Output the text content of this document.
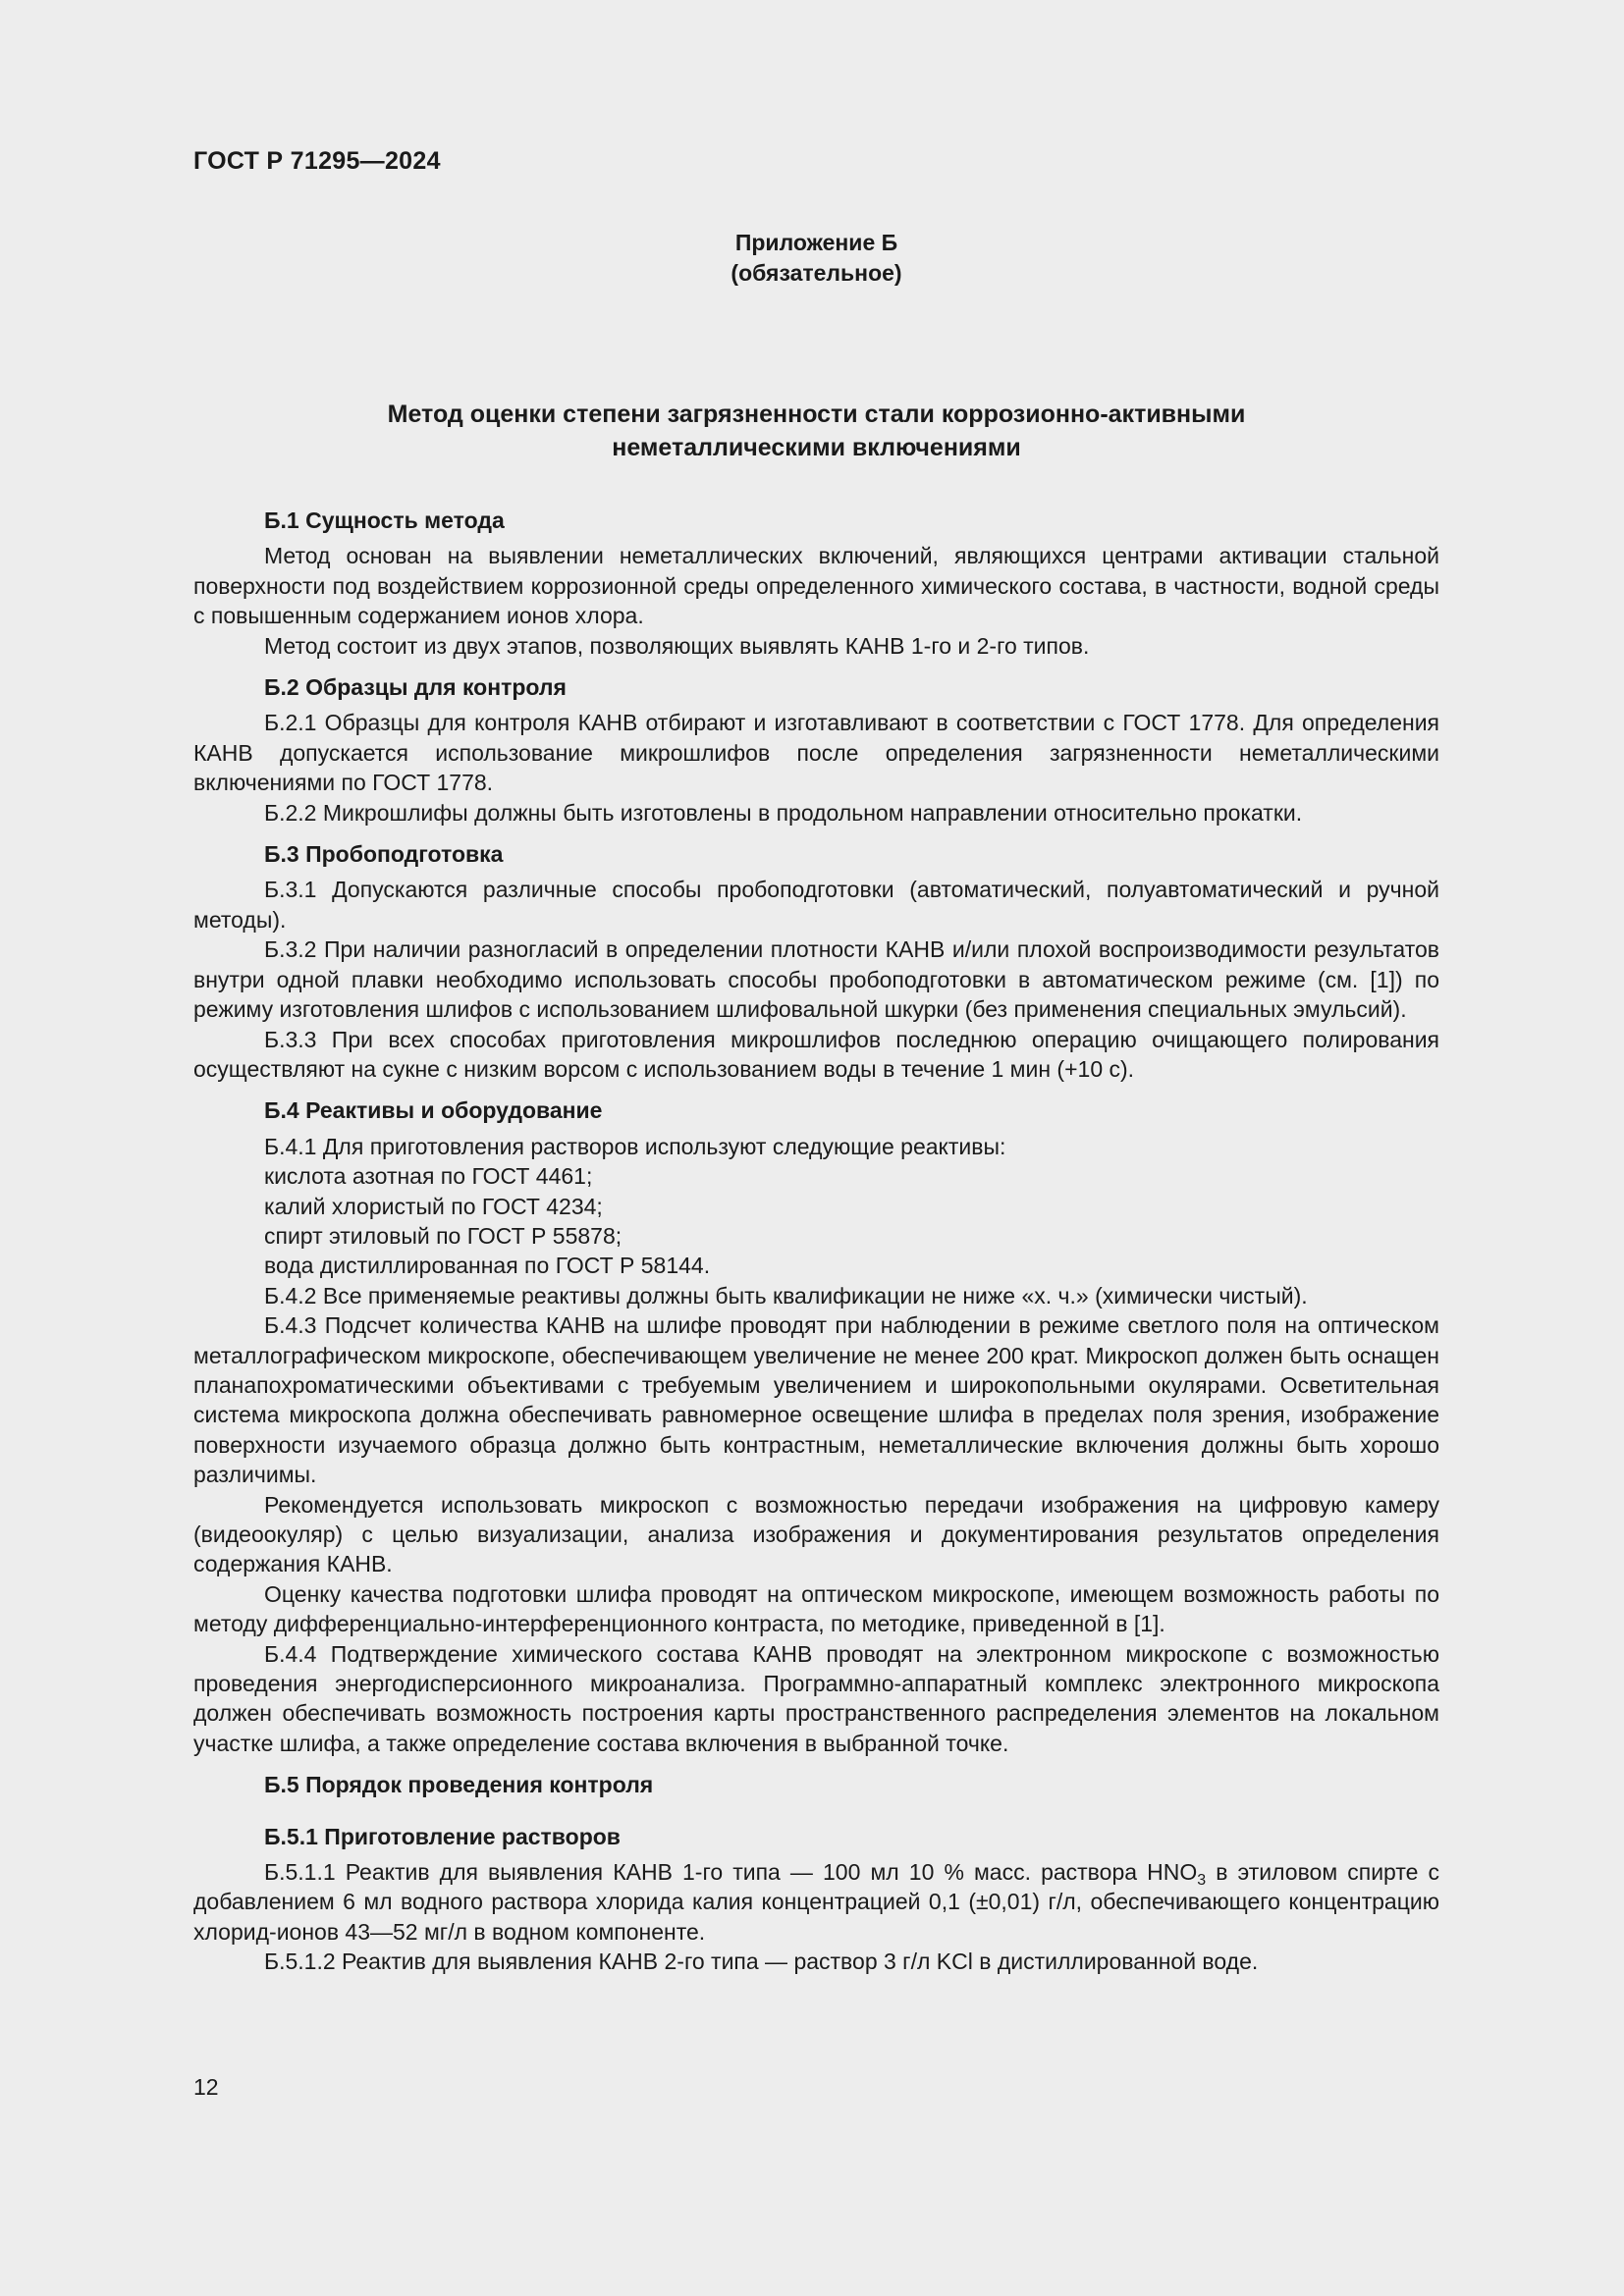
ГОСТ Р 71295—2024
Приложение Б
(обязательное)
Метод оценки степени загрязненности стали коррозионно-активными
неметаллическими включениями
Б.1 Сущность метода

Метод основан на выявлении неметаллических включений, являющихся центрами активации стальной поверхности под воздействием коррозионной среды определенного химического состава, в частности, водной среды с повышенным содержанием ионов хлора.

Метод состоит из двух этапов, позволяющих выявлять КАНВ 1-го и 2-го типов.

Б.2 Образцы для контроля

Б.2.1 Образцы для контроля КАНВ отбирают и изготавливают в соответствии с ГОСТ 1778. Для определения КАНВ допускается использование микрошлифов после определения загрязненности неметаллическими включениями по ГОСТ 1778.

Б.2.2 Микрошлифы должны быть изготовлены в продольном направлении относительно прокатки.

Б.3 Пробоподготовка

Б.3.1 Допускаются различные способы пробоподготовки (автоматический, полуавтоматический и ручной методы).

Б.3.2 При наличии разногласий в определении плотности КАНВ и/или плохой воспроизводимости результатов внутри одной плавки необходимо использовать способы пробоподготовки в автоматическом режиме (см. [1]) по режиму изготовления шлифов с использованием шлифовальной шкурки (без применения специальных эмульсий).

Б.3.3 При всех способах приготовления микрошлифов последнюю операцию очищающего полирования осуществляют на сукне с низким ворсом с использованием воды в течение 1 мин (+10 с).

Б.4 Реактивы и оборудование

Б.4.1 Для приготовления растворов используют следующие реактивы:

кислота азотная по ГОСТ 4461;

калий хлористый по ГОСТ 4234;

спирт этиловый по ГОСТ Р 55878;

вода дистиллированная по ГОСТ Р 58144.

Б.4.2 Все применяемые реактивы должны быть квалификации не ниже «х. ч.» (химически чистый).

Б.4.3 Подсчет количества КАНВ на шлифе проводят при наблюдении в режиме светлого поля на оптическом металлографическом микроскопе, обеспечивающем увеличение не менее 200 крат. Микроскоп должен быть оснащен планапохроматическими объективами с требуемым увеличением и широкопольными окулярами. Осветительная система микроскопа должна обеспечивать равномерное освещение шлифа в пределах поля зрения, изображение поверхности изучаемого образца должно быть контрастным, неметаллические включения должны быть хорошо различимы.

Рекомендуется использовать микроскоп с возможностью передачи изображения на цифровую камеру (видеоокуляр) с целью визуализации, анализа изображения и документирования результатов определения содержания КАНВ.

Оценку качества подготовки шлифа проводят на оптическом микроскопе, имеющем возможность работы по методу дифференциально-интерференционного контраста, по методике, приведенной в [1].

Б.4.4 Подтверждение химического состава КАНВ проводят на электронном микроскопе с возможностью проведения энергодисперсионного микроанализа. Программно-аппаратный комплекс электронного микроскопа должен обеспечивать возможность построения карты пространственного распределения элементов на локальном участке шлифа, а также определение состава включения в выбранной точке.

Б.5 Порядок проведения контроля
Б.5.1 Приготовление растворов

Б.5.1.1 Реактив для выявления КАНВ 1-го типа — 100 мл 10 % масс. раствора $HNO_3$ в этиловом спирте с добавлением 6 мл водного раствора хлорида калия концентрацией 0,1 (±0,01) г/л, обеспечивающего концентрацию хлорид-ионов 43—52 мг/л в водном компоненте.

Б.5.1.2 Реактив для выявления КАНВ 2-го типа — раствор 3 г/л KCl в дистиллированной воде.

12
